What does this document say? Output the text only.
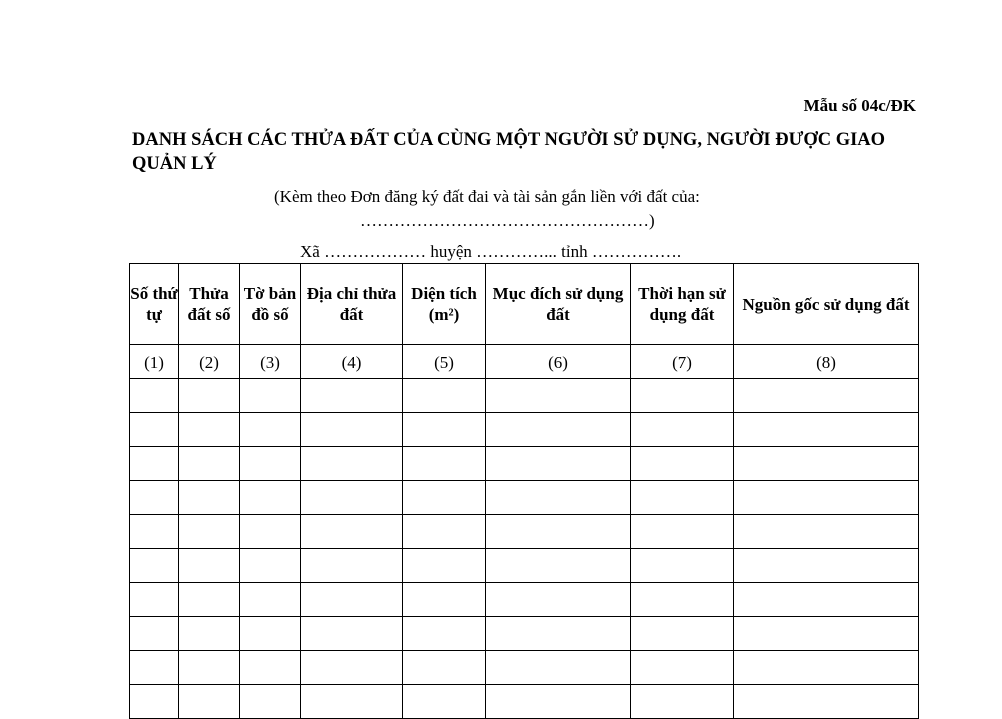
Mẫu số 04c/ĐK
DANH SÁCH CÁC THỬA ĐẤT CỦA CÙNG MỘT NGƯỜI SỬ DỤNG, NGƯỜI ĐƯỢC GIAO QUẢN LÝ
(Kèm theo Đơn đăng ký đất đai và tài sản gắn liền với đất của:
……………………………………………)
Xã ……………… huyện …………... tỉnh …………….
Số thứ tự	Thửa đất số	Tờ bản đồ số	Địa chỉ thửa đất	Diện tích (m²)	Mục đích sử dụng đất	Thời hạn sử dụng đất	Nguồn gốc sử dụng đất
(1)	(2)	(3)	(4)	(5)	(6)	(7)	(8)
